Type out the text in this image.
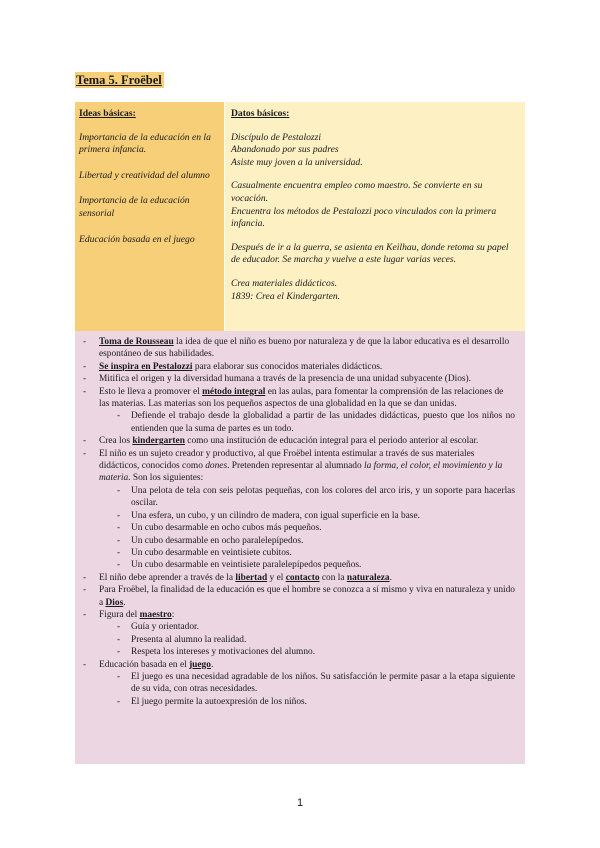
Tema 5. Froëbel
Ideas básicas:
Importancia de la educación en la primera infancia.
Libertad y creatividad del alumno
Importancia de la educación sensorial
Educación basada en el juego
Datos básicos:
Discípulo de Pestalozzi
Abandonado por sus padres
Asiste muy joven a la universidad.
Casualmente encuentra empleo como maestro. Se convierte en su vocación.
Encuentra los métodos de Pestalozzi poco vinculados con la primera infancia.
Después de ir a la guerra, se asienta en Keilhau, donde retoma su papel de educador. Se marcha y vuelve a este lugar varias veces.
Crea materiales didácticos.
1839: Crea el Kindergarten.
- Toma de Rousseau la idea de que el niño es bueno por naturaleza y de que la labor educativa es el desarrollo espontáneo de sus habilidades.
- Se inspira en Pestalozzi para elaborar sus conocidos materiales didácticos.
- Mitifica el origen y la diversidad humana a través de la presencia de una unidad subyacente (Dios).
- Esto le lleva a promover el método integral en las aulas, para fomentar la comprensión de las relaciones de las materias. Las materias son los pequeños aspectos de una globalidad en la que se dan unidas.
- Defiende el trabajo desde la globalidad a partir de las unidades didácticas, puesto que los niños no entienden que la suma de partes es un todo.
- Crea los kindergarten como una institución de educación integral para el periodo anterior al escolar.
- El niño es un sujeto creador y productivo, al que Froëbel intenta estimular a través de sus materiales didácticos, conocidos como dones. Pretenden representar al alumnado la forma, el color, el movimiento y la materia. Son los siguientes:
- Una pelota de tela con seis pelotas pequeñas, con los colores del arco iris, y un soporte para hacerlas oscilar.
- Una esfera, un cubo, y un cilindro de madera, con igual superficie en la base.
- Un cubo desarmable en ocho cubos más pequeños.
- Un cubo desarmable en ocho paralelepípedos.
- Un cubo desarmable en veintisiete cubitos.
- Un cubo desarmable en veintisiete paralelepípedos pequeños.
- El niño debe aprender a través de la libertad y el contacto con la naturaleza.
- Para Froëbel, la finalidad de la educación es que el hombre se conozca a sí mismo y viva en naturaleza y unido a Dios.
- Figura del maestro:
- Guía y orientador.
- Presenta al alumno la realidad.
- Respeta los intereses y motivaciones del alumno.
- Educación basada en el juego.
- El juego es una necesidad agradable de los niños. Su satisfacción le permite pasar a la etapa siguiente de su vida, con otras necesidades.
- El juego permite la autoexpresión de los niños.
1
